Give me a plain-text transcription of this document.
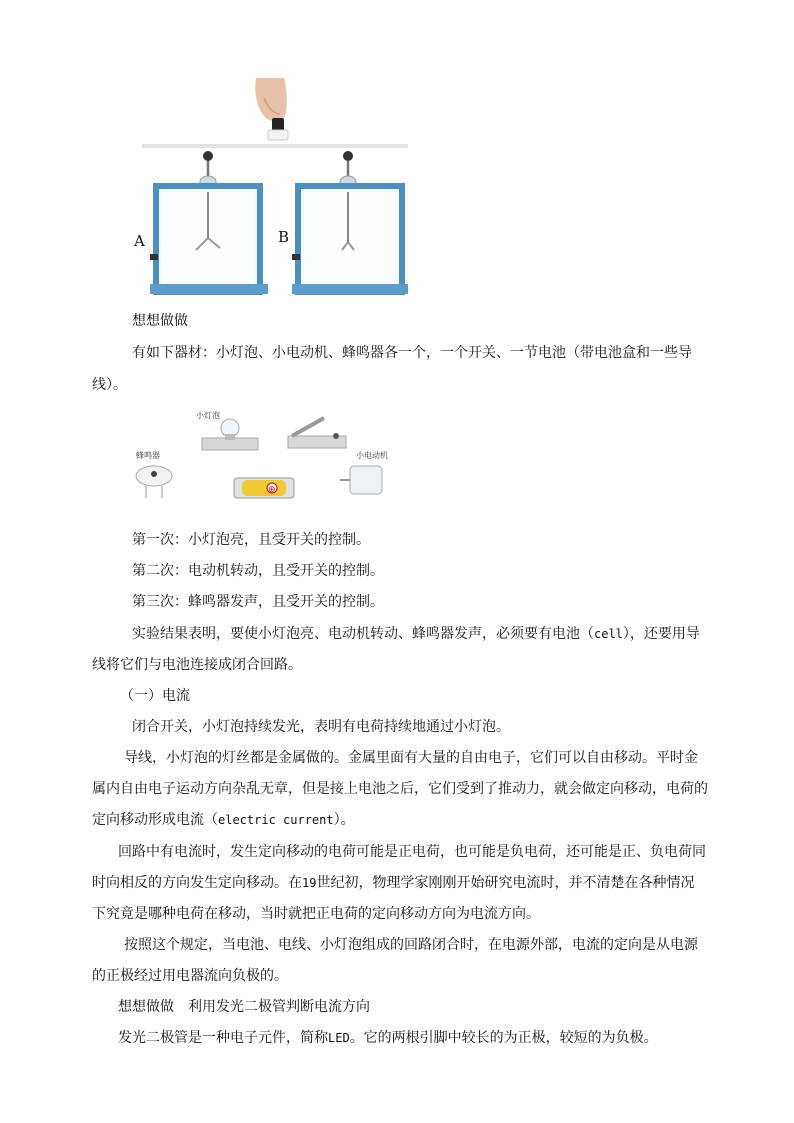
A	B
想想做做
有如下器材：小灯泡、小电动机、蜂鸣器各一个，一个开关、一节电池（带电池盒和一些导
线）。
小灯泡
蜂鸣器
⊕
小电动机
第一次：小灯泡亮，且受开关的控制。
第二次：电动机转动，且受开关的控制。
第三次：蜂鸣器发声，且受开关的控制。
实验结果表明，要使小灯泡亮、电动机转动、蜂鸣器发声，必须要有电池（cell），还要用导
线将它们与电池连接成闭合回路。
（一）电流
闭合开关，小灯泡持续发光，表明有电荷持续地通过小灯泡。
导线，小灯泡的灯丝都是金属做的。金属里面有大量的自由电子，它们可以自由移动。平时金
属内自由电子运动方向杂乱无章，但是接上电池之后，它们受到了推动力，就会做定向移动，电荷的
定向移动形成电流（electric current）。
回路中有电流时，发生定向移动的电荷可能是正电荷，也可能是负电荷，还可能是正、负电荷同
时向相反的方向发生定向移动。在19世纪初，物理学家刚刚开始研究电流时，并不清楚在各种情况
下究竟是哪种电荷在移动，当时就把正电荷的定向移动方向为电流方向。
按照这个规定，当电池、电线、小灯泡组成的回路闭合时，在电源外部，电流的定向是从电源
的正极经过用电器流向负极的。
想想做做　利用发光二极管判断电流方向
发光二极管是一种电子元件，简称LED。它的两根引脚中较长的为正极，较短的为负极。
